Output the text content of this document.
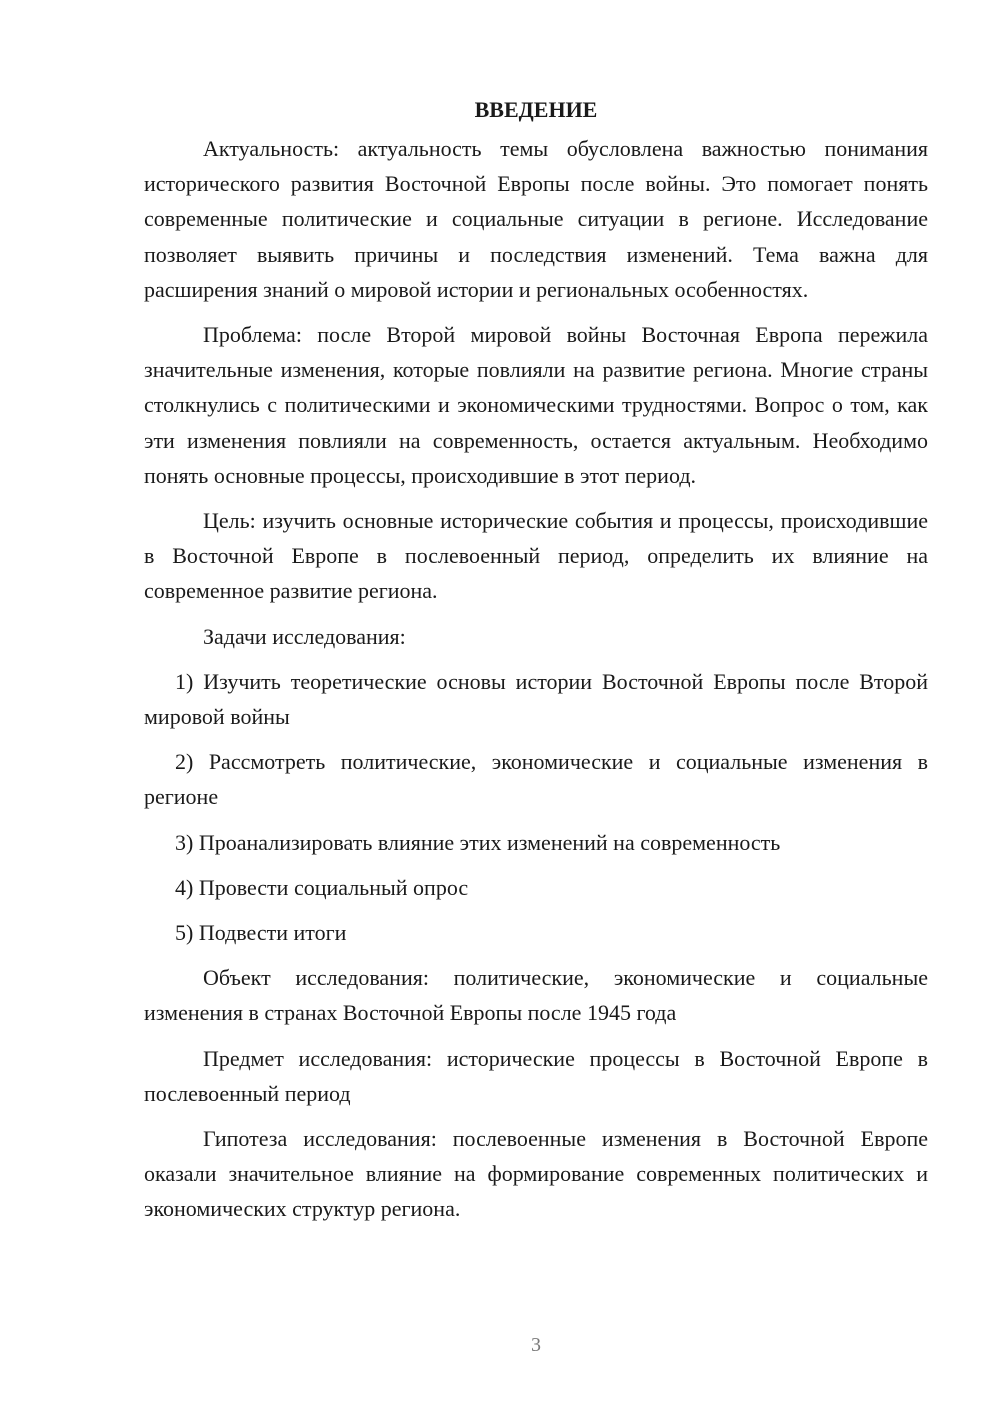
ВВЕДЕНИЕ

Актуальность: актуальность темы обусловлена важностью понимания исторического развития Восточной Европы после войны. Это помогает понять современные политические и социальные ситуации в регионе. Исследование позволяет выявить причины и последствия изменений. Тема важна для расширения знаний о мировой истории и региональных особенностях.

Проблема: после Второй мировой войны Восточная Европа пережила значительные изменения, которые повлияли на развитие региона. Многие страны столкнулись с политическими и экономическими трудностями. Вопрос о том, как эти изменения повлияли на современность, остается актуальным. Необходимо понять основные процессы, происходившие в этот период.

Цель: изучить основные исторические события и процессы, происходившие в Восточной Европе в послевоенный период, определить их влияние на современное развитие региона.

Задачи исследования:

1) Изучить теоретические основы истории Восточной Европы после Второй мировой войны

2) Рассмотреть политические, экономические и социальные изменения в регионе

3) Проанализировать влияние этих изменений на современность

4) Провести социальный опрос

5) Подвести итоги

Объект исследования: политические, экономические и социальные изменения в странах Восточной Европы после 1945 года

Предмет исследования: исторические процессы в Восточной Европе в послевоенный период

Гипотеза исследования: послевоенные изменения в Восточной Европе оказали значительное влияние на формирование современных политических и экономических структур региона.

3
